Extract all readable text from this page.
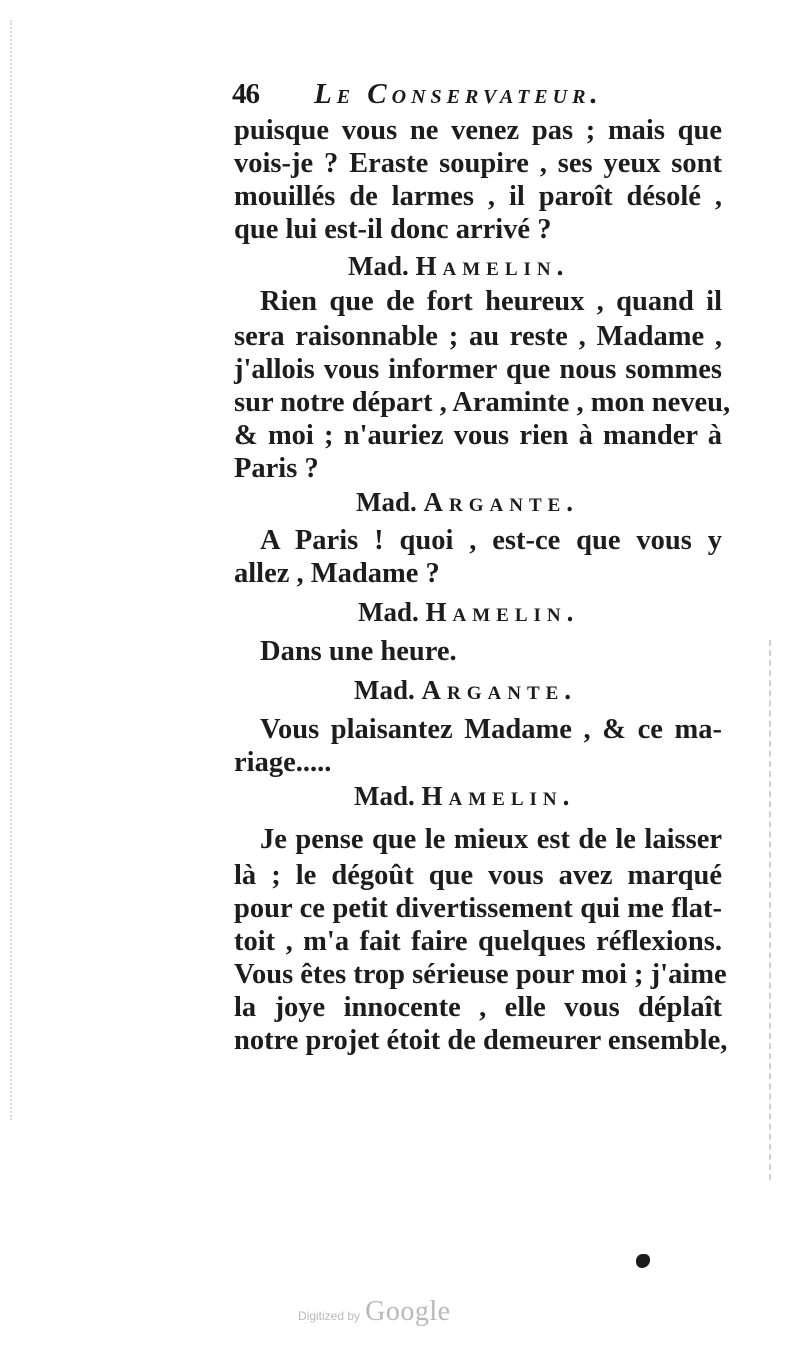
46 Le Conservateur.
puisque vous ne venez pas ; mais que
vois-je ? Eraste soupire , ses yeux sont
mouillés de larmes , il paroît désolé ,
que lui est-il donc arrivé ?
Mad. Hamelin.
Rien que de fort heureux , quand il
sera raisonnable ; au reste , Madame ,
j'allois vous informer que nous sommes
sur notre départ , Araminte , mon neveu,
& moi ; n'auriez vous rien à mander à
Paris ?
Mad. Argante.
A Paris ! quoi , est-ce que vous y
allez , Madame ?
Mad. Hamelin.
Dans une heure.
Mad. Argante.
Vous plaisantez Madame , & ce ma-
riage.....
Mad. Hamelin.
Je pense que le mieux est de le laisser
là ; le dégoût que vous avez marqué
pour ce petit divertissement qui me flat-
toit , m'a fait faire quelques réflexions.
Vous êtes trop sérieuse pour moi ; j'aime
la joye innocente , elle vous déplaît
notre projet étoit de demeurer ensemble,
Digitized by Google
